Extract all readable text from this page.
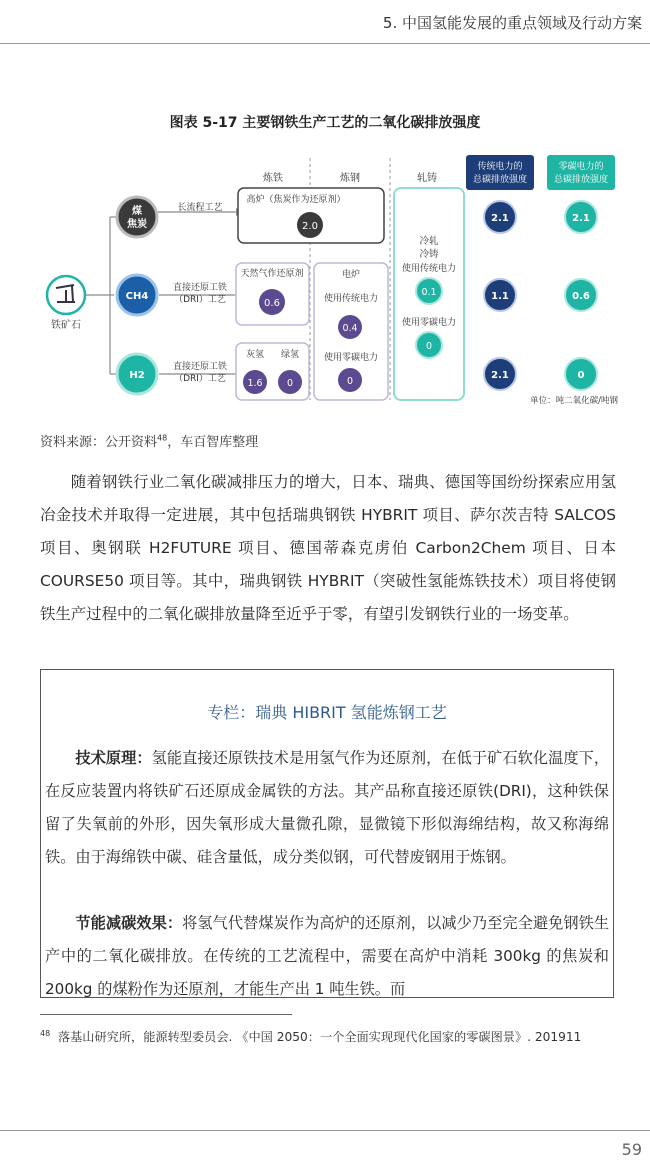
5. 中国氢能发展的重点领域及行动方案
图表 5-17 主要钢铁生产工艺的二氧化碳排放强度
炼铁	炼钢	轧铸
传统电力的
总碳排放强度
零碳电力的
总碳排放强度
铁矿石
煤
焦炭
CH4
H2
长流程工艺
直接还原工铁
（DRI）工艺
直接还原工铁
（DRI）工艺
高炉（焦炭作为还原剂）
2.0
天然气作还原剂
0.6
灰氢 绿氢
1.6	0
电炉
使用传统电力
0.4
使用零碳电力
0
冷轧
冷铸
使用传统电力
0.1
使用零碳电力
0
2.1
1.1
2.1
2.1
0.6
0
单位：吨二氧化碳/吨钢
资料来源：公开资料$^{48}$，车百智库整理

随着钢铁行业二氧化碳减排压力的增大，日本、瑞典、德国等国纷纷探索应用氢冶金技术并取得一定进展，其中包括瑞典钢铁 HYBRIT 项目、萨尔茨吉特 SALCOS 项目、奥钢联 H2FUTURE 项目、德国蒂森克虏伯 Carbon2Chem 项目、日本 COURSE50 项目等。其中，瑞典钢铁 HYBRIT（突破性氢能炼铁技术）项目将使钢铁生产过程中的二氧化碳排放量降至近乎于零，有望引发钢铁行业的一场变革。

专栏：瑞典 HIBRIT 氢能炼钢工艺

技术原理：氢能直接还原铁技术是用氢气作为还原剂，在低于矿石软化温度下，在反应装置内将铁矿石还原成金属铁的方法。其产品称直接还原铁(DRI)，这种铁保留了失氧前的外形，因失氧形成大量微孔隙，显微镜下形似海绵结构，故又称海绵铁。由于海绵铁中碳、硅含量低，成分类似钢，可代替废钢用于炼钢。

节能减碳效果：将氢气代替煤炭作为高炉的还原剂，以减少乃至完全避免钢铁生产中的二氧化碳排放。在传统的工艺流程中，需要在高炉中消耗 300kg 的焦炭和 200kg 的煤粉作为还原剂，才能生产出 1 吨生铁。而

$^{48}$ 落基山研究所，能源转型委员会. 《中国 2050：一个全面实现现代化国家的零碳图景》. 201911
59
